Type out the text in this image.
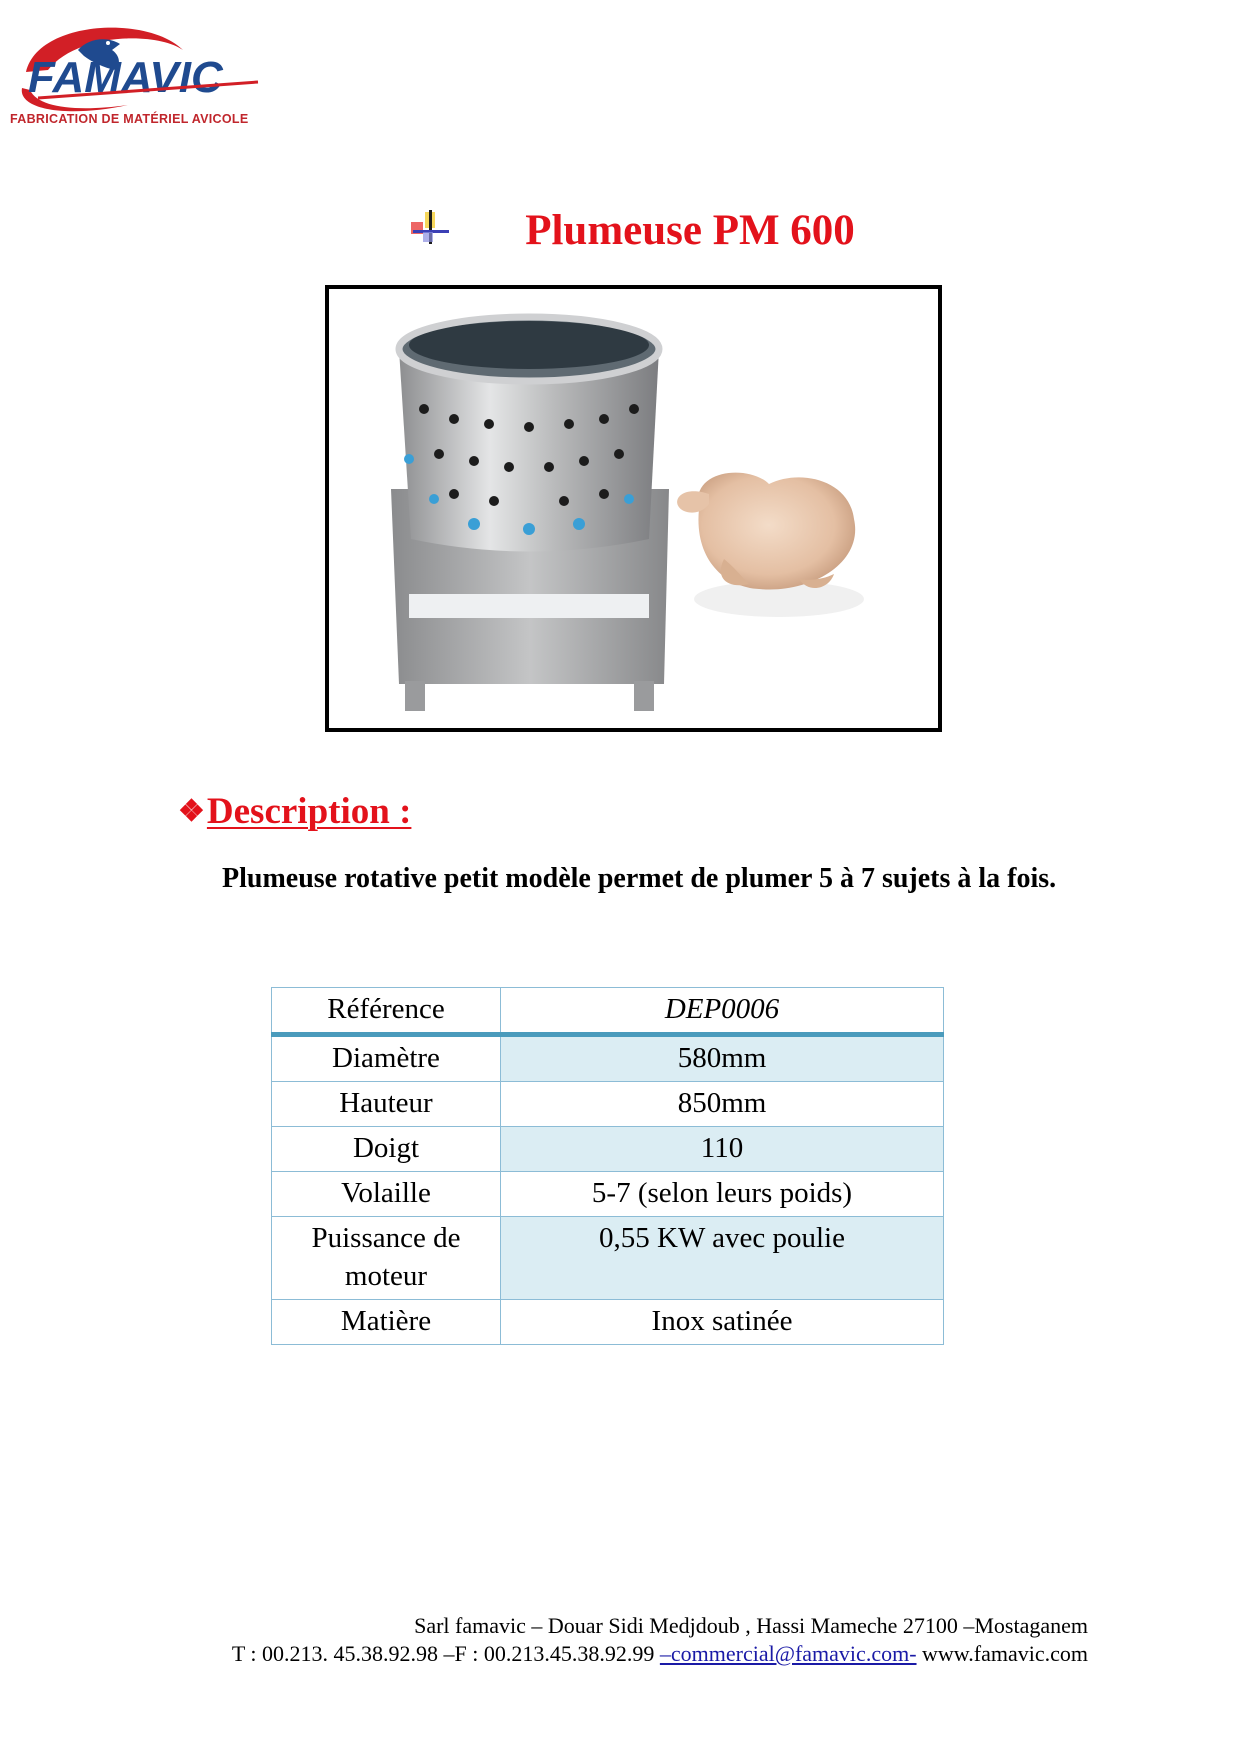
FAMAVIC
FABRICATION DE MATÉRIEL AVICOLE
Plumeuse PM 600
❖Description :
Plumeuse rotative petit modèle permet de plumer 5 à 7 sujets à la fois.
Référence	DEP0006
Diamètre	580mm
Hauteur	850mm
Doigt	110
Volaille	5-7 (selon leurs poids)
Puissance de moteur	0,55 KW avec poulie
Matière	Inox satinée
Sarl famavic – Douar Sidi Medjdoub , Hassi Mameche 27100 –Mostaganem
T : 00.213. 45.38.92.98 –F : 00.213.45.38.92.99 –commercial@famavic.com- www.famavic.com
